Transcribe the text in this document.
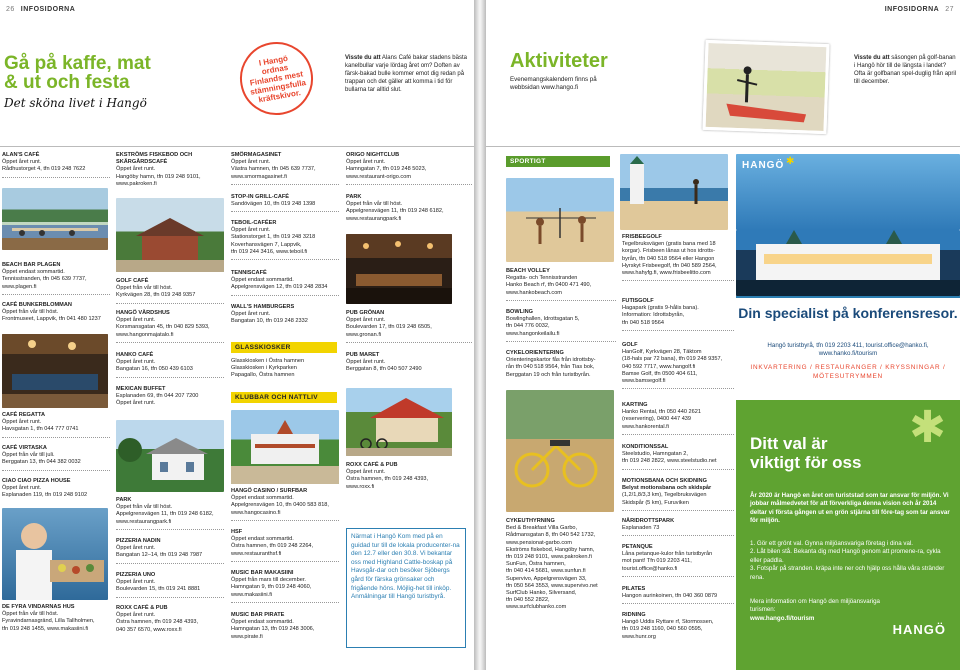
26 INFOSIDORNA
Gå på kaffe, mat
& ut och festa
Det sköna livet i Hangö
I Hangö ordnas Finlands mest stämningsfulla kräftskivor.
Visste du att Alans Café bakar stadens bästa kanelbullar varje lördag året om? Doften av färsk-bakad bulle kommer emot dig redan på trappan och det gäller att komma i tid för bullarna tar alltid slut.
ALAN'S CAFÉ
Öppet året runt.
Rådhustorget 4, tfn 019 248 7622
BEACH BAR PLAGEN
Öppet endast sommartid.
Tennisstranden, tfn 045 639 7737,
www.plagen.fi
CAFÉ BUNKERBLOMMAN
Öppet från vår till höst.
Frontmuseet, Lappvik, tfn 041 480 1237
CAFÉ REGATTA
Öppet året runt.
Havsgatan 1, tfn 044 777 0741
CAFÉ VIRTASKA
Öppet från vår till juli.
Berggatan 13, tfn 044 382 0032
CIAO CIAO PIZZA HOUSE
Öppet året runt.
Esplanaden 119, tfn 019 248 9102
DE FYRA VINDARNAS HUS
Öppet från vår till höst.
Fyravindarnasgränd, Lilla Tallholmen,
tfn 019 248 1455, www.makasiini.fi
EKSTRÖMS FISKEBOD OCH SKÄRGÅRDSCAFÉ
Öppet året runt.
Hangöby hamn, tfn 019 248 9101,
www.pakroken.fi
GOLF CAFÉ
Öppet från vår till höst.
Kyrkvägen 28, tfn 019 248 9357
HANGÖ VÄRDSHUS
Öppet året runt.
Korsmansgatan 45, tfn 040 829 5393,
www.hangonmajatalo.fi
HANKO CAFÉ
Öppet året runt.
Bangatan 16, tfn 050 439 6103
MEXICAN BUFFET
Esplanaden 69, tfn 044 207 7200
Öppet året runt.
PARK
Öppet från vår till höst.
Appelgrensvägen 11, tfn 019 248 6182,
www.restaurangpark.fi
PIZZERIA NADIN
Öppet året runt.
Bangatan 12–14, tfn 019 248 7987
PIZZERIA UNO
Öppet året runt.
Boulevarden 15, tfn 019 241 8881
ROXX CAFÉ & PUB
Öppet året runt.
Östra hamnen, tfn 019 248 4393,
040 357 6570, www.roxx.fi
SMÖRMAGASINET
Öppet året runt.
Västra hamnen, tfn 045 639 7737,
www.smormagasinet.fi
STOP-IN GRILL-CAFÉ
Sandövägen 10, tfn 019 248 1398
TEBOIL-CAFÉER
Öppet året runt.
Stationstorget 1, tfn 019 248 3218
Koverhansvägen 7, Lappvik,
tfn 019 244 3416, www.teboil.fi
TENNISCAFÉ
Öppet endast sommartid.
Appelgrensvägen 12, tfn 019 248 2834
WALL'S HAMBURGERS
Öppet året runt.
Bangatan 10, tfn 019 248 2332
GLASSKIOSKER
Glasskiosken i Östra hamnen
Glasskiosken i Kyrkparken
Papagallo, Östra hamnen
KLUBBAR OCH NATTLIV
HANGÖ CASINO / SURFBAR
Öppet endast sommartid.
Appelgrensvägen 10, tfn 0400 583 818,
www.hangocasino.fi
HSF
Öppet endast sommartid.
Östra hamnen, tfn 019 248 2264,
www.restauranthsf.fi
MUSIC BAR MAKASIINI
Öppet från mars till december.
Hamngatan 9, tfn 019 248 4060,
www.makasiini.fi
MUSIC BAR PIRATE
Öppet endast sommartid.
Hamngatan 13, tfn 019 248 3006,
www.pirate.fi
ORIGO NIGHTCLUB
Öppet året runt.
Hamngatan 7, tfn 019 248 5023,
www.restaurant-origo.com
PARK
Öppet från vår till höst.
Appelgrensvägen 11, tfn 019 248 6182,
www.restaurangpark.fi
PUB GRÖNAN
Öppet året runt.
Boulevarden 17, tfn 019 248 6505,
www.gronan.fi
PUB MARET
Öppet året runt.
Berggatan 8, tfn 040 507 2490
ROXX CAFÉ & PUB
Öppet året runt.
Östra hamnen, tfn 019 248 4393,
www.roxx.fi
Närmat i Hangö Kom med på en guidad tur till de lokala producenter-na den 12.7 eller den 30.8. Vi bekantar oss med Highland Cattle-boskap på Havsgår-dar och besöker Sjöbergs gård för färska grönsaker och frigående höns. Möjlig-het till inköp. Anmälningar till Hangö turistbyrå.
INFOSIDORNA 27
Aktiviteter
Evenemangskalendern finns på webbsidan www.hango.fi
Visste du att säsongen på golf-banan i Hangö hör till de längsta i landet? Ofta är golfbanan spel-duglig från april till december.
SPORTIGT	HANGÖ ✱
BEACH VOLLEY
Regatta- och Tennisstranden
Hanko Beach rf, tfn 0400 471 490,
www.hankobeach.com
BOWLING
Bowlinghallen, Idrottsgatan 5,
tfn 044 776 0032,
www.hangonkeilailu.fi
CYKELORIENTERING
Orienteringskartor fås från idrottsby-
rån tfn 040 518 9564, från Tias bok,
Berggatan 19 och från turistbyrån.
CYKEUTHYRNING
Bed & Breakfast Villa Garbo,
Rådmansgatan 8, tfn 040 542 1732,
www.pensionat-garbo.com
Ekströms fiskebod, Hangöby hamn,
tfn 019 248 9101, www.pakroken.fi
SunFun, Östra hamnen,
tfn 040 414 5681, www.sunfun.fi
Supervivo, Appelgrensvägen 33,
tfn 050 564 3553, www.supervivo.net
SurfClub Hanko, Silversand,
tfn 040 552 2822,
www.surfclubhanko.com
FRISBEEGOLF
Tegelbruksvägen (gratis bana med 18
korgar). Frisbeen lånas ut hos idrotts-
byrån, tfn 040 518 9564 eller Hangon
Hyrskyt Frisbeegolf, tfn 040 589 2564,
www.hahyfg.fi, www.frisbeelitto.com
FUTISGOLF
Hagapark (gratis 9-hålis bana).
Information: Idrottsbyrån,
tfn 040 518 9564
GOLF
HanGolf, Kyrkvägen 28, Täktom
(18-hals par 72 bana), tfn 019 248 9357,
040 592 7717, www.hangolf.fi
Bamse Golf, tfn 0500 404 611,
www.bamsegolf.fi
KARTING
Hanko Rental, tfn 050 440 2621
(reservering), 0400 447 439
www.hankorental.fi
KONDITIONSSAL
Steelstudio, Hamngatan 2,
tfn 019 248 2822, www.steelstudio.net
MOTIONSBANA OCH SKIDNING
Belyst motionsbana och skidspår
(1,2/1,8/3,3 km), Tegelbruksvägen
Skidspår (5 km), Furuviken
NÄRIDROTTSPARK
Esplanaden 73
PETANQUE
Låna petanque-kulor från turistbyrån
mot pant! Tfn 019 2203 411,
tourist.office@hanko.fi
PILATES
Hangon aurinkoinen, tfn 040 360 0879
RIDNING
Hangö Uddis Ryttare rf, Stormossen,
tfn 019 248 1160, 040 560 0595,
www.hunr.org
Din specialist på konferensresor.
Hangö turistbyrå, tfn 019 2203 411, tourist.office@hanko.fi, www.hanko.fi/tourism
INKVARTERING / RESTAURANGER / KRYSSNINGAR / MÖTESUTRYMMEN
✱
Ditt val är
viktigt för oss
År 2020 är Hangö en året om turiststad som tar ansvar för miljön. Vi jobbar målmedvetet för att förverkliga denna vision och år 2014 deltar vi första gången ut en grön stjärna till före-tag som tar ansvar för miljön.
1. Gör ett grönt val. Gynna miljöansvariga företag i dina val.
2. Låt bilen stå. Bekanta dig med Hangö genom att promene-ra, cykla eller paddla.
3. Fotspår på stranden. kräpa inte ner och hjälp oss hålla våra stränder rena.
Mera information om Hangö den miljöansvariga turismen:
www.hango.fi/tourism
HANGÖ
